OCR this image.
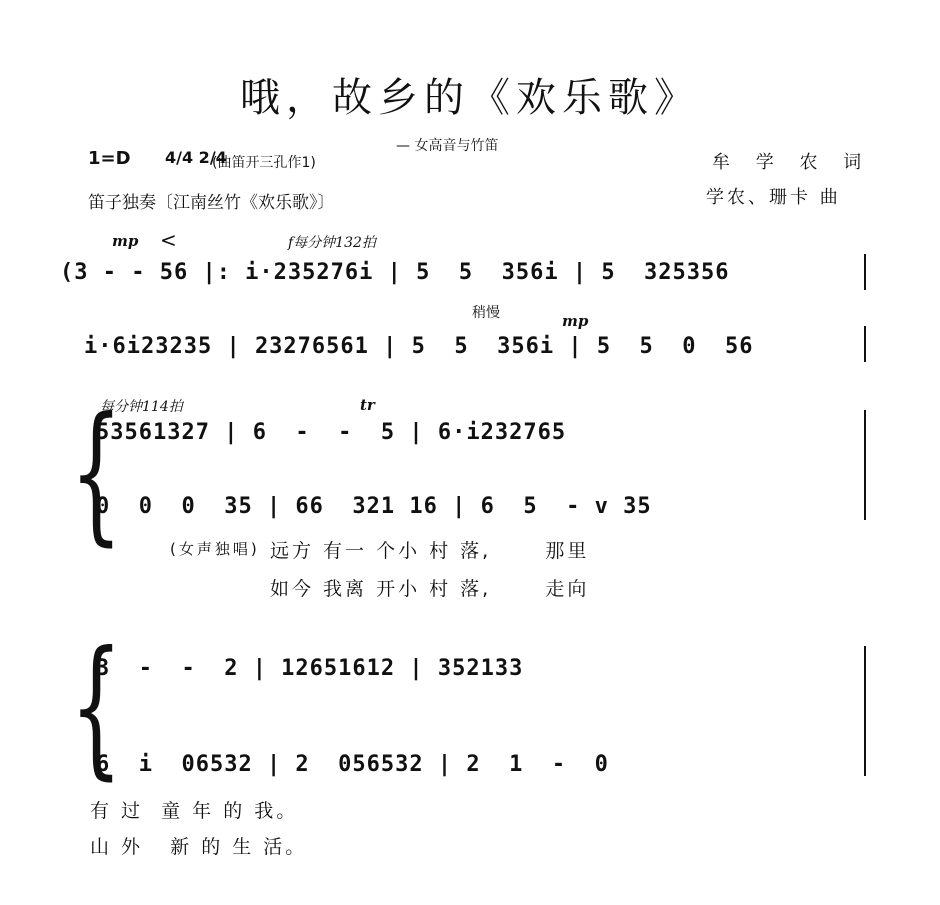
哦，故乡的《欢乐歌》
— 女高音与竹笛
1=D 4/4 2/4
(曲笛开三孔作1)
笛子独奏〔江南丝竹《欢乐歌》〕
牟 学 农 词
学农、珊卡 曲
mp <	f每分钟132拍
(3 - - 56 |: i·235276i | 5  5  356i | 5  325356
稍慢	mp
i·6i23235 | 23276561 | 5  5  356i | 5  5  0  56
每分钟114拍	tr
{
53561327 | 6  -  -  5 | 6·i232765
0  0  0  35 | 66  321 16 | 6  5  - v 35
(女声独唱) 远方 有一 个小 村 落,      那里
如今 我离 开小 村 落,      走向
{
3  -  -  2 | 12651612 | 352133
6  i  06532 | 2  056532 | 2  1  -  0
有 过  童 年 的 我。
山 外   新 的 生 活。
